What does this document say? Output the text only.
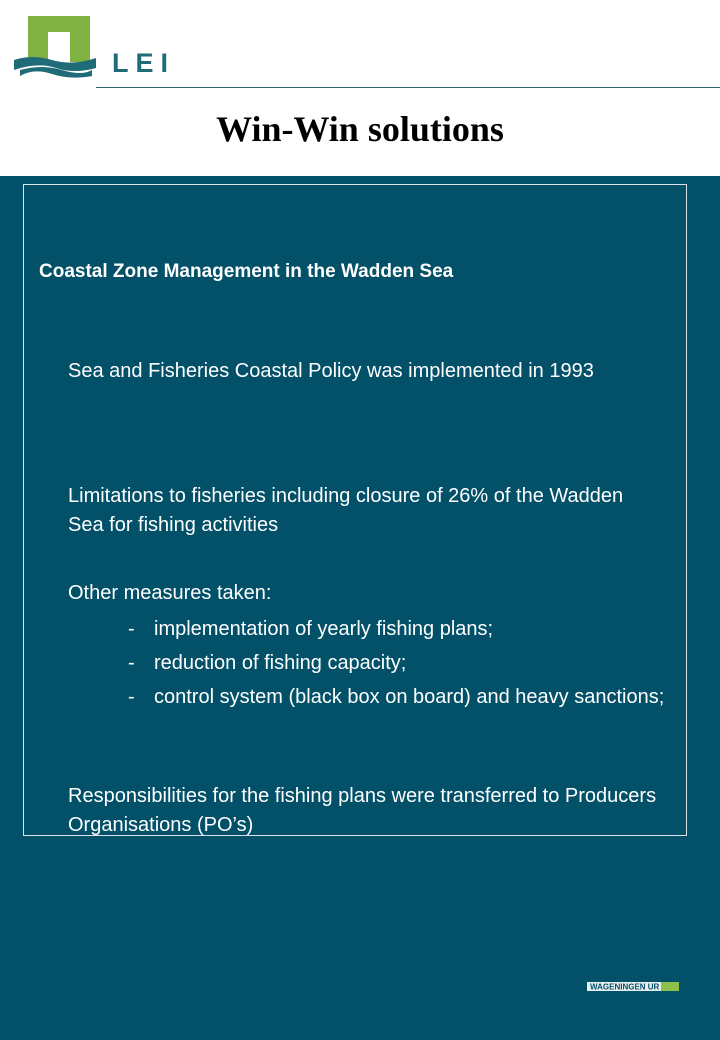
LEI
Win-Win solutions
Coastal Zone Management in the Wadden Sea
Sea and Fisheries Coastal Policy was implemented in 1993
Limitations to fisheries including closure of 26% of the Wadden Sea for fishing activities
Other measures taken:
- implementation of yearly fishing plans;
- reduction of fishing capacity;
- control system (black box on board) and heavy sanctions;
Responsibilities for the fishing plans were transferred to Producers Organisations (PO’s)
WAGENINGEN UR
